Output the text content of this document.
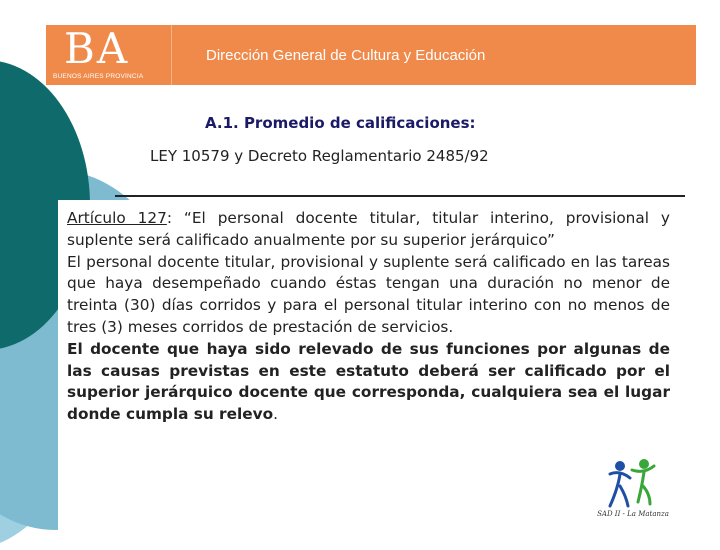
BA
BUENOS AIRES PROVINCIA
Dirección General de Cultura y Educación
A.1. Promedio de calificaciones:
LEY 10579 y Decreto Reglamentario 2485/92
Artículo 127: “El personal docente titular, titular interino, provisional y suplente será calificado anualmente por su superior jerárquico”
El personal docente titular, provisional y suplente será calificado en las tareas que haya desempeñado cuando éstas tengan una duración no menor de treinta (30) días corridos y para el personal titular interino con no menos de tres (3) meses corridos de prestación de servicios.
El docente que haya sido relevado de sus funciones por algunas de las causas previstas en este estatuto deberá ser calificado por el superior jerárquico docente que corresponda, cualquiera sea el lugar donde cumpla su relevo.
SAD II - La Matanza
